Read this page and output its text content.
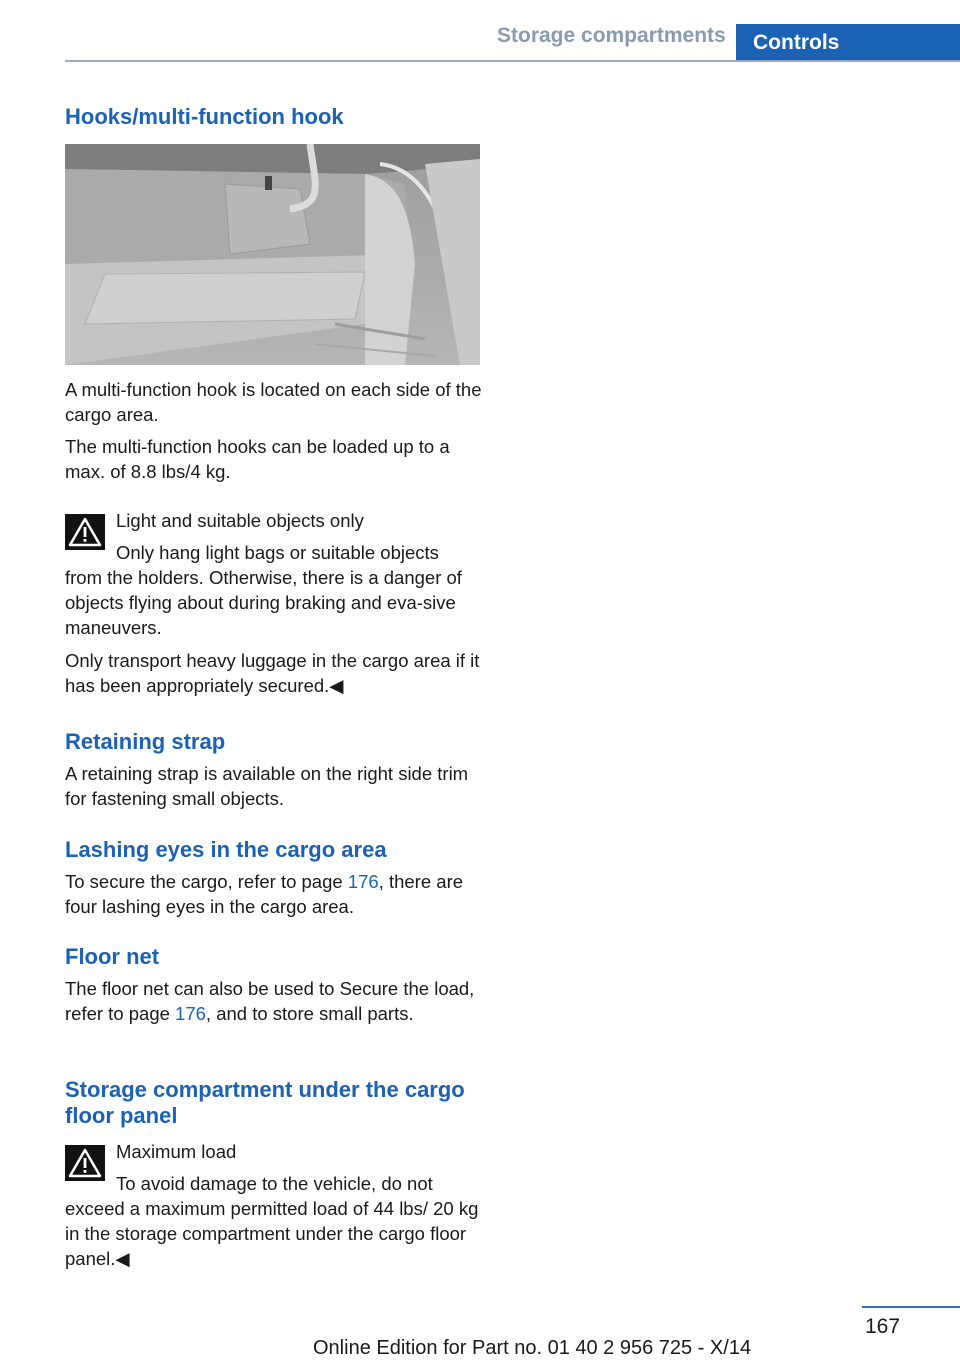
Storage compartments	Controls
Hooks/multi-function hook
A multi-function hook is located on each side of the cargo area.
The multi-function hooks can be loaded up to a max. of 8.8 lbs/4 kg.
Light and suitable objects only
Only hang light bags or suitable objects
from the holders. Otherwise, there is a danger of objects flying about during braking and eva-sive maneuvers.
Only transport heavy luggage in the cargo area if it has been appropriately secured.◀
Retaining strap
A retaining strap is available on the right side trim for fastening small objects.
Lashing eyes in the cargo area
To secure the cargo, refer to page 176, there are four lashing eyes in the cargo area.
Floor net
The floor net can also be used to Secure the load, refer to page 176, and to store small parts.
Storage compartment under the cargo floor panel
Maximum load
To avoid damage to the vehicle, do not
exceed a maximum permitted load of 44 lbs/ 20 kg in the storage compartment under the cargo floor panel.◀
167
Online Edition for Part no. 01 40 2 956 725 - X/14
